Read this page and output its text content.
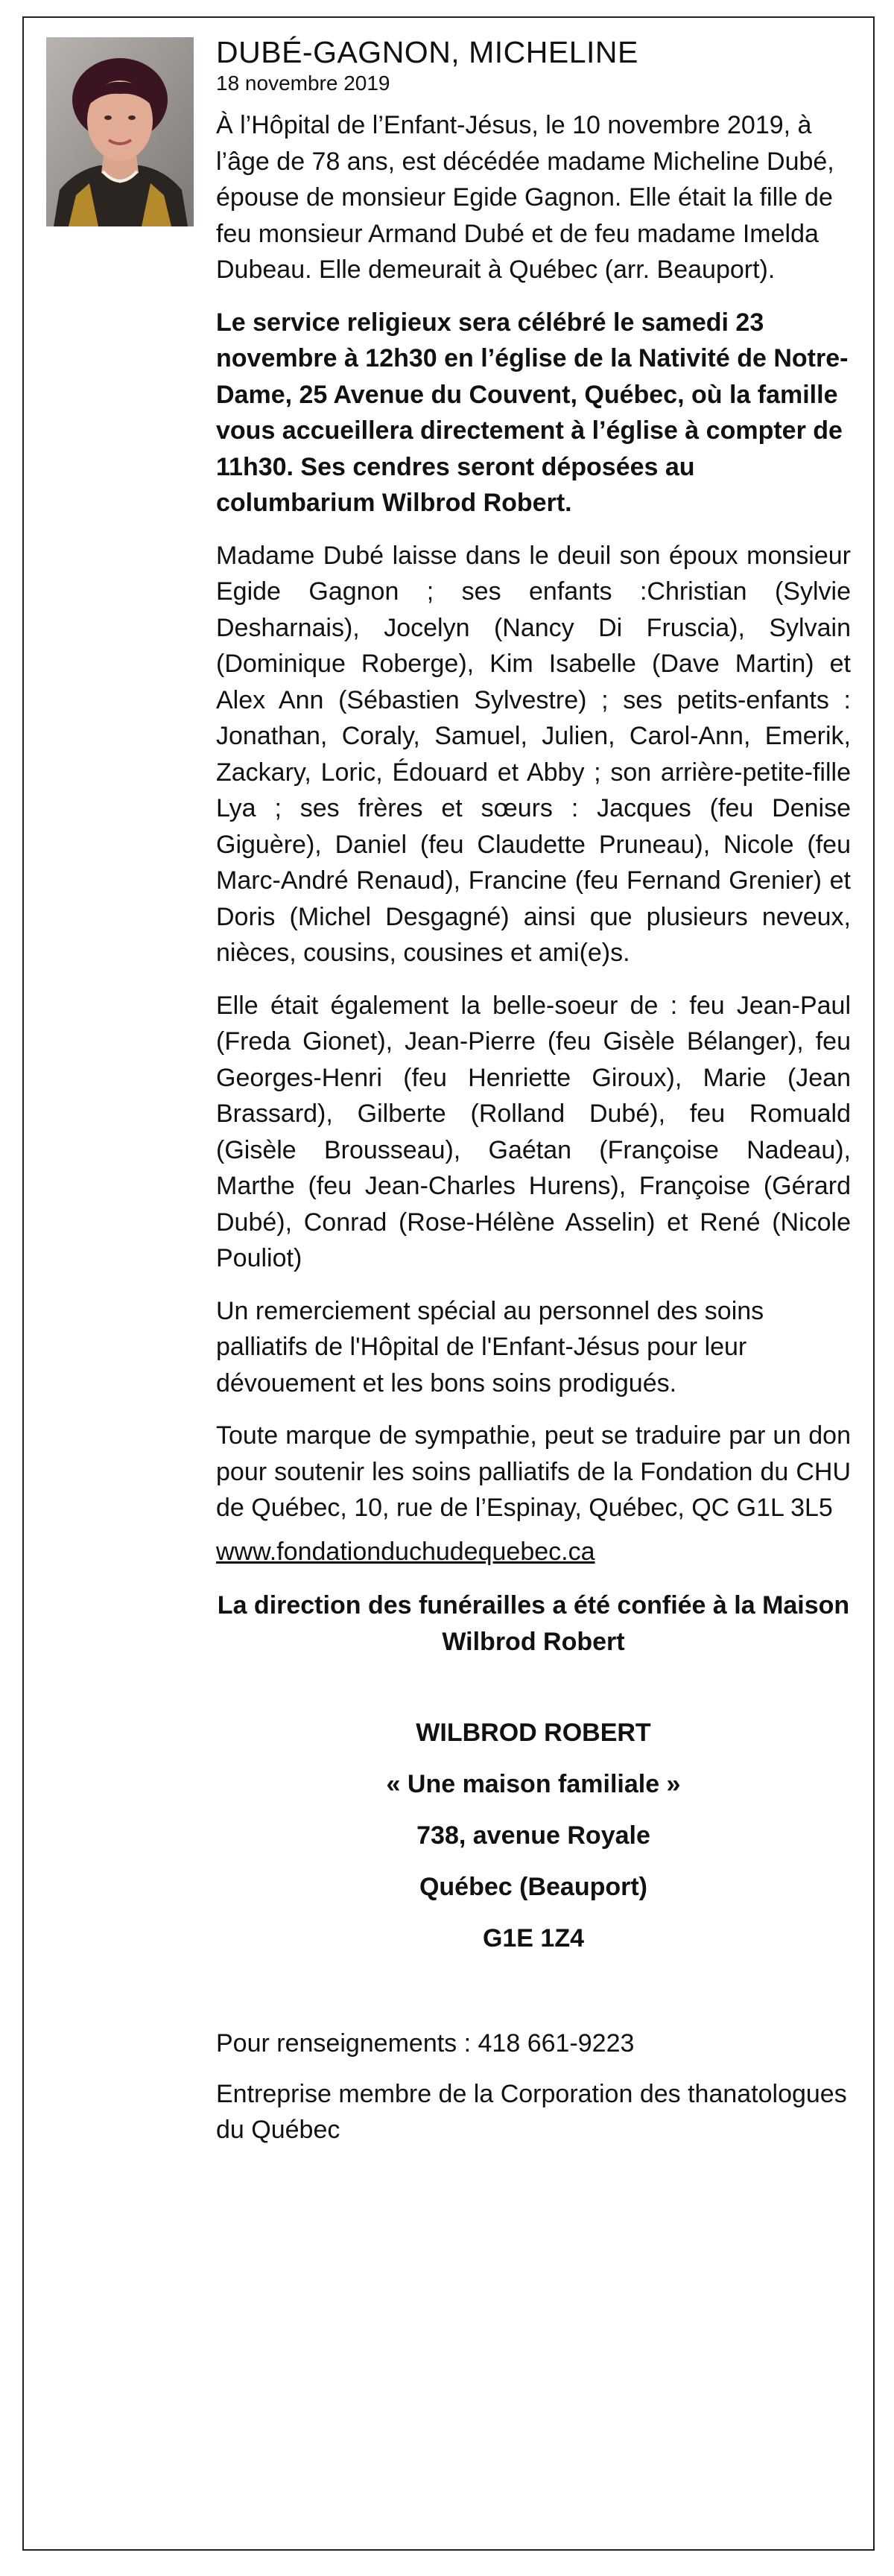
DUBÉ-GAGNON, MICHELINE

18 novembre 2019

À l’Hôpital de l’Enfant-Jésus, le 10 novembre 2019, à l’âge de 78 ans, est décédée madame Micheline Dubé, épouse de monsieur Egide Gagnon. Elle était la fille de feu monsieur Armand Dubé et de feu madame Imelda Dubeau. Elle demeurait à Québec (arr. Beauport).

Le service religieux sera célébré le samedi 23 novembre à 12h30 en l’église de la Nativité de Notre-Dame, 25 Avenue du Couvent, Québec, où la famille vous accueillera directement à l’église à compter de 11h30. Ses cendres seront déposées au columbarium Wilbrod Robert.

Madame Dubé laisse dans le deuil son époux monsieur Egide Gagnon ; ses enfants :Christian (Sylvie Desharnais), Jocelyn (Nancy Di Fruscia), Sylvain (Dominique Roberge), Kim Isabelle (Dave Martin) et Alex Ann (Sébastien Sylvestre) ; ses petits-enfants : Jonathan, Coraly, Samuel, Julien, Carol-Ann, Emerik, Zackary, Loric, Édouard et Abby ; son arrière-petite-fille Lya ; ses frères et sœurs : Jacques (feu Denise Giguère), Daniel (feu Claudette Pruneau), Nicole (feu Marc-André Renaud), Francine (feu Fernand Grenier) et Doris (Michel Desgagné) ainsi que plusieurs neveux, nièces, cousins, cousines et ami(e)s.

Elle était également la belle-soeur de : feu Jean-Paul (Freda Gionet), Jean-Pierre (feu Gisèle Bélanger), feu Georges-Henri (feu Henriette Giroux), Marie (Jean Brassard), Gilberte (Rolland Dubé), feu Romuald (Gisèle Brousseau), Gaétan (Françoise Nadeau), Marthe (feu Jean-Charles Hurens), Françoise (Gérard Dubé), Conrad (Rose-Hélène Asselin) et René (Nicole Pouliot)

Un remerciement spécial au personnel des soins palliatifs de l'Hôpital de l'Enfant-Jésus pour leur dévouement et les bons soins prodigués.

Toute marque de sympathie, peut se traduire par un don pour soutenir les soins palliatifs de la Fondation du CHU de Québec, 10, rue de l’Espinay, Québec, QC G1L 3L5

www.fondationduchudequebec.ca

La direction des funérailles a été confiée à la Maison Wilbrod Robert

WILBROD ROBERT

« Une maison familiale »

738, avenue Royale

Québec (Beauport)

G1E 1Z4

Pour renseignements : 418 661-9223

Entreprise membre de la Corporation des thanatologues du Québec
